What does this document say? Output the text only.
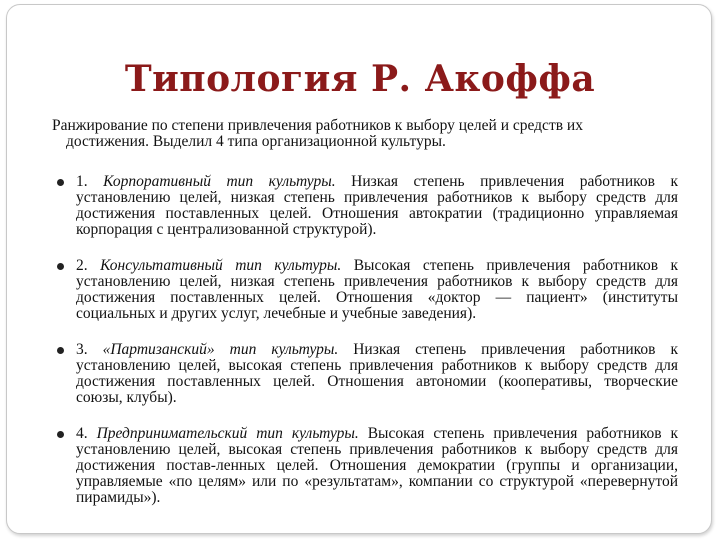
Типология Р. Акоффа
Ранжирование по степени привлечения работников к выбору целей и средств их
достижения. Выделил 4 типа организационной культуры.
1. Корпоративный тип культуры. Низкая степень привлечения работников к установлению целей, низкая степень привлечения работников к выбору средств для достижения поставленных целей. Отношения автократии (традиционно управляемая корпорация с централизованной структурой).
2. Консультативный тип культуры. Высокая степень привлечения работников к установлению целей, низкая степень привлечения работников к выбору средств для достижения поставленных целей. Отношения «доктор — пациент» (институты социальных и других услуг, лечебные и учебные заведения).
3. «Партизанский» тип культуры. Низкая степень привлечения работников к установлению целей, высокая степень привлечения работников к выбору средств для достижения поставленных целей. Отношения автономии (кооперативы, творческие союзы, клубы).
4. Предпринимательский тип культуры. Высокая степень привлечения работников к установлению целей, высокая степень привлечения работников к выбору средств для достижения постав-ленных целей. Отношения демократии (группы и организации, управляемые «по целям» или по «результатам», компании со структурой «перевернутой пирамиды»).
